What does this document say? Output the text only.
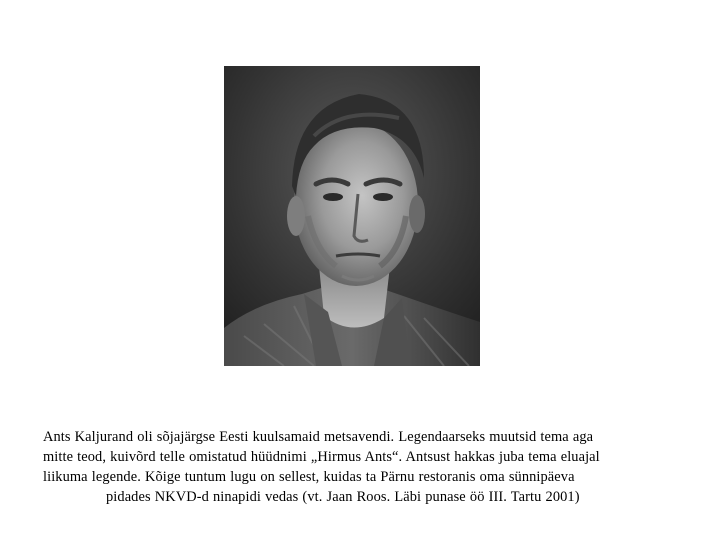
Ants Kaljurand oli sõjajärgse Eesti kuulsamaid metsavendi. Legendaarseks muutsid tema aga
mitte teod, kuivõrd telle omistatud hüüdnimi „Hirmus Ants“. Antsust hakkas juba tema eluajal
liikuma legende. Kõige tuntum lugu on sellest, kuidas ta Pärnu restoranis oma sünnipäeva
pidades NKVD-d ninapidi vedas (vt. Jaan Roos. Läbi punase öö III. Tartu 2001)
